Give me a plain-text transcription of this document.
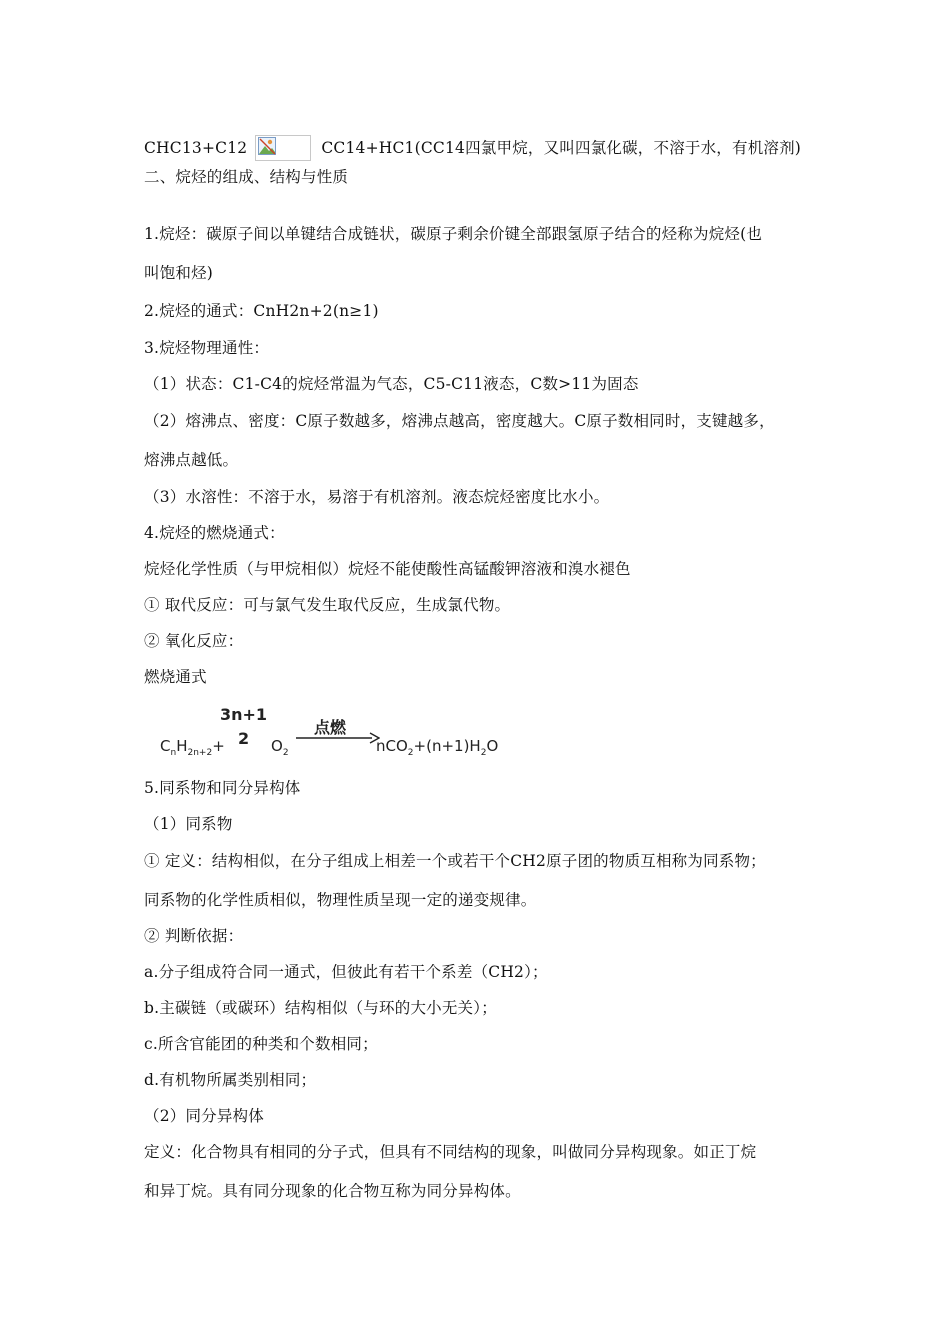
CHC13+C12	CC14+HC1(CC14四氯甲烷，又叫四氯化碳，不溶于水，有机溶剂)
二、烷烃的组成、结构与性质
1.烷烃：碳原子间以单键结合成链状，碳原子剩余价键全部跟氢原子结合的烃称为烷烃(也
叫饱和烃)
2.烷烃的通式：CnH2n+2(n≥1)
3.烷烃物理通性：
（1）状态：C1-C4的烷烃常温为气态，C5-C11液态，C数>11为固态
（2）熔沸点、密度：C原子数越多，熔沸点越高，密度越大。C原子数相同时，支键越多，
熔沸点越低。
（3）水溶性：不溶于水，易溶于有机溶剂。液态烷烃密度比水小。
4.烷烃的燃烧通式：
烷烃化学性质（与甲烷相似）烷烃不能使酸性高锰酸钾溶液和溴水褪色
① 取代反应：可与氯气发生取代反应，生成氯代物。
② 氧化反应：
燃烧通式
5.同系物和同分异构体
（1）同系物
① 定义：结构相似，在分子组成上相差一个或若干个CH2原子团的物质互相称为同系物；
同系物的化学性质相似，物理性质呈现一定的递变规律。
② 判断依据：
a.分子组成符合同一通式，但彼此有若干个系差（CH2）；
b.主碳链（或碳环）结构相似（与环的大小无关）；
c.所含官能团的种类和个数相同；
d.有机物所属类别相同；
（2）同分异构体
定义：化合物具有相同的分子式，但具有不同结构的现象，叫做同分异构现象。如正丁烷
和异丁烷。具有同分现象的化合物互称为同分异构体。
3n+1
2
点燃
$C_nH_{2n+2}+$	$O_2$	$nCO_2+(n+1)H_2O$
